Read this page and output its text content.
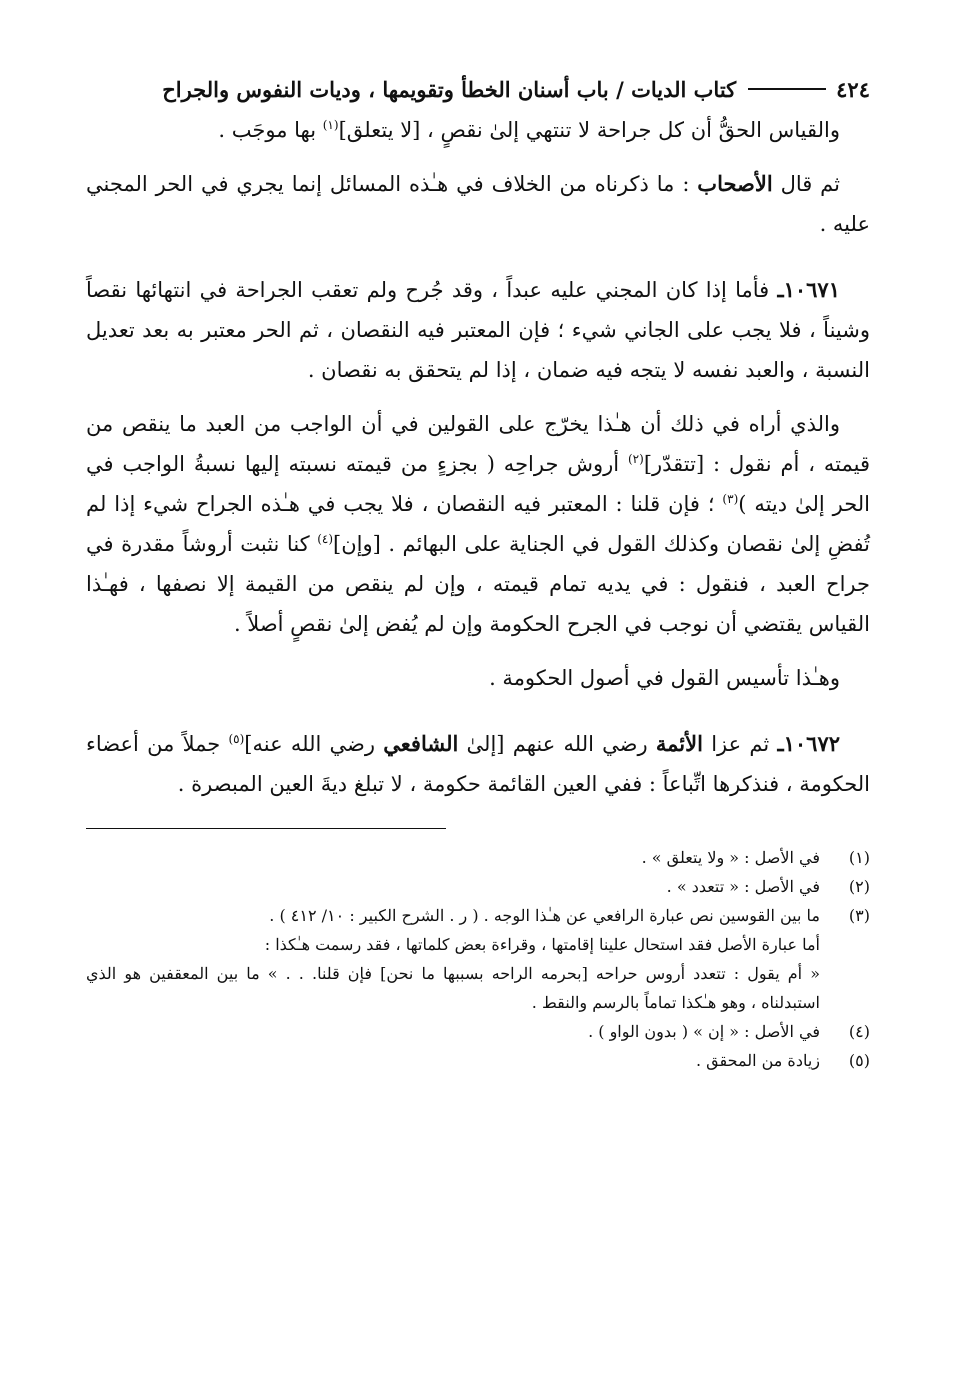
٤٢٤
كتاب الديات / باب أسنان الخطأ وتقويمها ، وديات النفوس والجراح

والقياس الحقُّ أن كل جراحة لا تنتهي إلىٰ نقصٍ ، [لا يتعلق]$^{(١)}$ بها موجَب .

ثم قال الأصحاب : ما ذكرناه من الخلاف في هـٰذه المسائل إنما يجري في الحر المجني عليه .

١٠٦٧١ـ فأما إذا كان المجني عليه عبداً ، وقد جُرح ولم تعقب الجراحة في انتهائها نقصاً وشيناً ، فلا يجب على الجاني شيء ؛ فإن المعتبر فيه النقصان ، ثم الحر معتبر به بعد تعديل النسبة ، والعبد نفسه لا يتجه فيه ضمان ، إذا لم يتحقق به نقصان .

والذي أراه في ذلك أن هـٰذا يخرّج على القولين في أن الواجب من العبد ما ينقص من قيمته ، أم نقول : [تتقدّر]$^{(٢)}$ أروش جراحِه ( بجزءٍ من قيمته نسبته إليها نسبةُ الواجب في الحر إلىٰ ديته )$^{(٣)}$ ؛ فإن قلنا : المعتبر فيه النقصان ، فلا يجب في هـٰذه الجراح شيء إذا لم تُفضِ إلىٰ نقصان وكذلك القول في الجناية على البهائم . [وإن]$^{(٤)}$ كنا نثبت أروشاً مقدرة في جراح العبد ، فنقول : في يديه تمام قيمته ، وإن لم ينقص من القيمة إلا نصفها ، فهـٰذا القياس يقتضي أن نوجب في الجرح الحكومة وإن لم يُفض إلىٰ نقصٍ أصلاً .

وهـٰذا تأسيس القول في أصول الحكومة .

١٠٦٧٢ـ ثم عزا الأئمة رضي الله عنهم [إلىٰ الشافعي رضي الله عنه]$^{(٥)}$ جملاً من أعضاء الحكومة ، فنذكرها اتِّباعاً : ففي العين القائمة حكومة ، لا تبلغ ديةَ العين المبصرة .

(١)
في الأصل : « ولا يتعلق » .
(٢)
في الأصل : « تتعدد » .
(٣)
ما بين القوسين نص عبارة الرافعي عن هـٰذا الوجه . ( ر . الشرح الكبير : ١٠/ ٤١٢ ) .
أما عبارة الأصل فقد استحال علينا إقامتها ، وقراءة بعض كلماتها ، فقد رسمت هـٰكذا :
« أم يقول : تتعدد أروس حراحه [بحرمه الراحه بسببها ما نحن] فإن قلنا. . . » ما بين المعقفين هو الذي استبدلناه ، وهو هـٰكذا تماماً بالرسم والنقط .
(٤)
في الأصل : « إن » ( بدون الواو ) .
(٥)
زيادة من المحقق .
